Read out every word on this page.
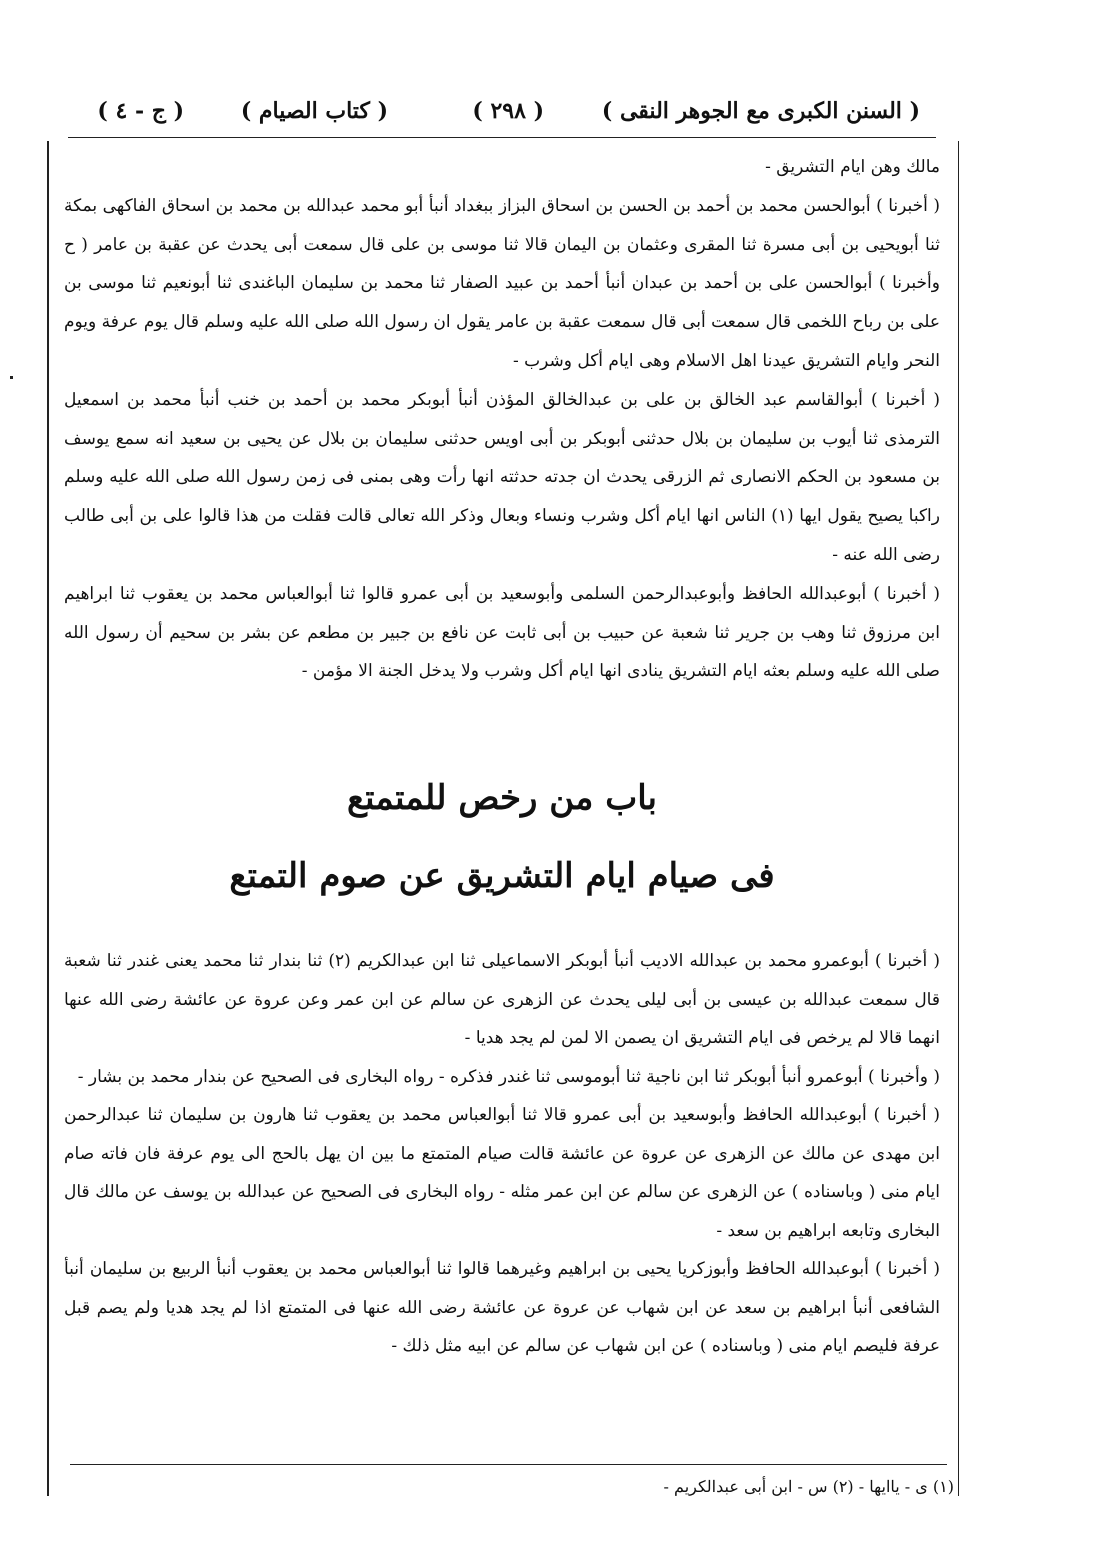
( السنن الكبرى مع الجوهر النقى )
( ٢٩٨ )
( كتاب الصيام )
( ج - ٤ )

مالك وهن ايام التشريق -

( أخبرنا ) أبوالحسن محمد بن أحمد بن الحسن بن اسحاق البزاز ببغداد أنبأ أبو محمد عبدالله بن محمد بن اسحاق الفاكهى بمكة ثنا أبويحيى بن أبى مسرة ثنا المقرى وعثمان بن اليمان قالا ثنا موسى بن على قال سمعت أبى يحدث عن عقبة بن عامر ( ح وأخبرنا ) أبوالحسن على بن أحمد بن عبدان أنبأ أحمد بن عبيد الصفار ثنا محمد بن سليمان الباغندى ثنا أبونعيم ثنا موسى بن على بن رباح اللخمى قال سمعت أبى قال سمعت عقبة بن عامر يقول ان رسول الله صلى الله عليه وسلم قال يوم عرفة ويوم النحر وايام التشريق عيدنا اهل الاسلام وهى ايام أكل وشرب -

( أخبرنا ) أبوالقاسم عبد الخالق بن على بن عبدالخالق المؤذن أنبأ أبوبكر محمد بن أحمد بن خنب أنبأ محمد بن اسمعيل الترمذى ثنا أيوب بن سليمان بن بلال حدثنى أبوبكر بن أبى اويس حدثنى سليمان بن بلال عن يحيى بن سعيد انه سمع يوسف بن مسعود بن الحكم الانصارى ثم الزرقى يحدث ان جدته حدثته انها رأت وهى بمنى فى زمن رسول الله صلى الله عليه وسلم راكبا يصيح يقول ايها (١) الناس انها ايام أكل وشرب ونساء وبعال وذكر الله تعالى قالت فقلت من هذا قالوا على بن أبى طالب رضى الله عنه -

( أخبرنا ) أبوعبدالله الحافظ وأبوعبدالرحمن السلمى وأبوسعيد بن أبى عمرو قالوا ثنا أبوالعباس محمد بن يعقوب ثنا ابراهيم ابن مرزوق ثنا وهب بن جرير ثنا شعبة عن حبيب بن أبى ثابت عن نافع بن جبير بن مطعم عن بشر بن سحيم أن رسول الله صلى الله عليه وسلم بعثه ايام التشريق ينادى انها ايام أكل وشرب ولا يدخل الجنة الا مؤمن -

باب من رخص للمتمتع
فى صيام ايام التشريق عن صوم التمتع

( أخبرنا ) أبوعمرو محمد بن عبدالله الاديب أنبأ أبوبكر الاسماعيلى ثنا ابن عبدالكريم (٢) ثنا بندار ثنا محمد يعنى غندر ثنا شعبة قال سمعت عبدالله بن عيسى بن أبى ليلى يحدث عن الزهرى عن سالم عن ابن عمر وعن عروة عن عائشة رضى الله عنها انهما قالا لم يرخص فى ايام التشريق ان يصمن الا لمن لم يجد هديا -

( وأخبرنا ) أبوعمرو أنبأ أبوبكر ثنا ابن ناجية ثنا أبوموسى ثنا غندر فذكره - رواه البخارى فى الصحيح عن بندار محمد بن بشار -

( أخبرنا ) أبوعبدالله الحافظ وأبوسعيد بن أبى عمرو قالا ثنا أبوالعباس محمد بن يعقوب ثنا هارون بن سليمان ثنا عبدالرحمن ابن مهدى عن مالك عن الزهرى عن عروة عن عائشة قالت صيام المتمتع ما بين ان يهل بالحج الى يوم عرفة فان فاته صام ايام منى ( وباسناده ) عن الزهرى عن سالم عن ابن عمر مثله - رواه البخارى فى الصحيح عن عبدالله بن يوسف عن مالك قال البخارى وتابعه ابراهيم بن سعد -

( أخبرنا ) أبوعبدالله الحافظ وأبوزكريا يحيى بن ابراهيم وغيرهما قالوا ثنا أبوالعباس محمد بن يعقوب أنبأ الربيع بن سليمان أنبأ الشافعى أنبأ ابراهيم بن سعد عن ابن شهاب عن عروة عن عائشة رضى الله عنها فى المتمتع اذا لم يجد هديا ولم يصم قبل عرفة فليصم ايام منى ( وباسناده ) عن ابن شهاب عن سالم عن ابيه مثل ذلك -

(١) ى - ياايها - (٢) س - ابن أبى عبدالكريم -
